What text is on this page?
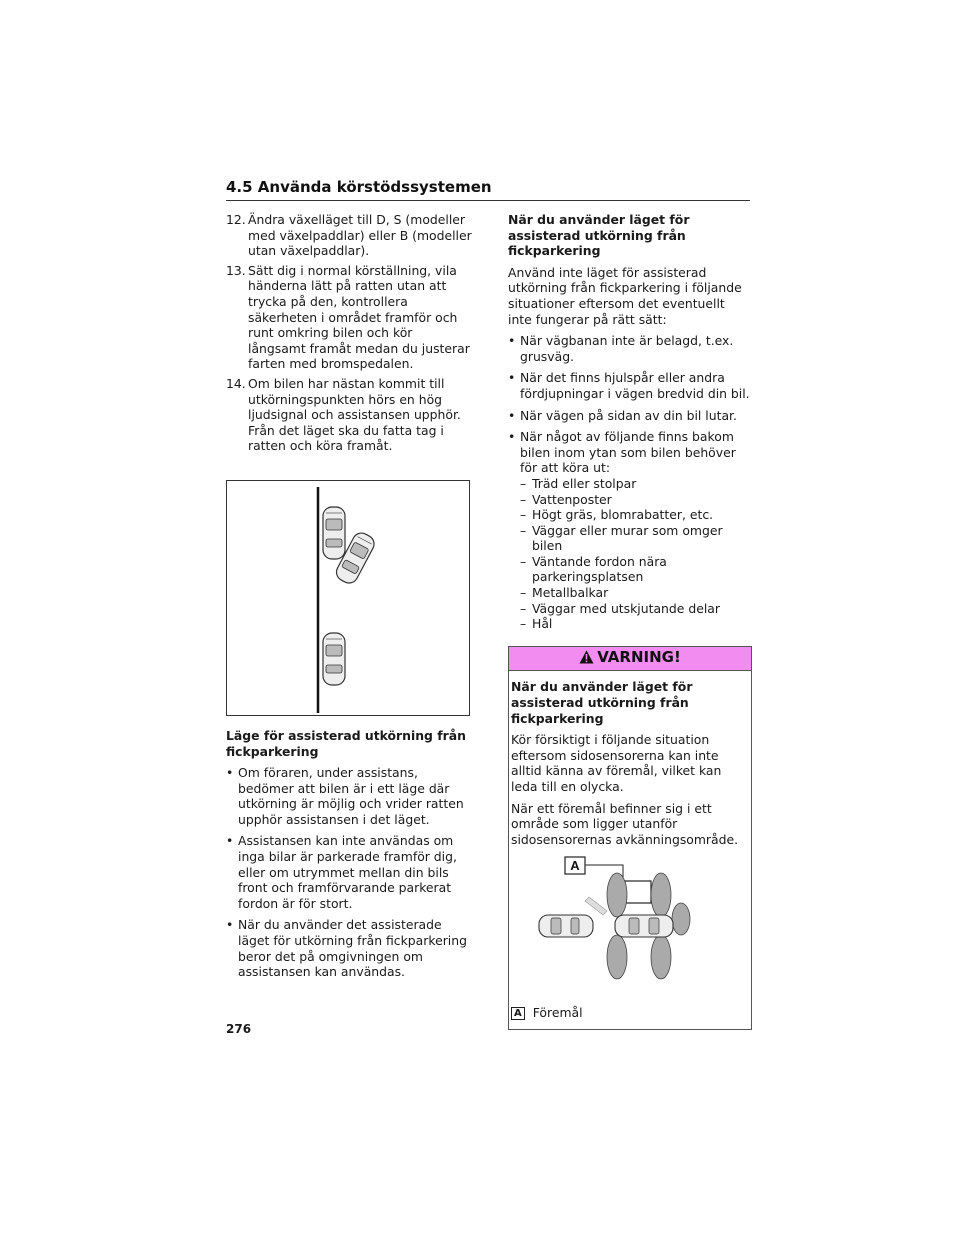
4.5 Använda körstödssystemen
12. Ändra växelläget till D, S (modeller med växelpaddlar) eller B (modeller utan växelpaddlar).
13. Sätt dig i normal körställning, vila händerna lätt på ratten utan att trycka på den, kontrollera säkerheten i området framför och runt omkring bilen och kör långsamt framåt medan du justerar farten med bromspedalen.
14. Om bilen har nästan kommit till utkörningspunkten hörs en hög ljudsignal och assistansen upphör. Från det läget ska du fatta tag i ratten och köra framåt.
Läge för assisterad utkörning från fickparkering
• Om föraren, under assistans, bedömer att bilen är i ett läge där utkörning är möjlig och vrider ratten upphör assistansen i det läget.
• Assistansen kan inte användas om inga bilar är parkerade framför dig, eller om utrymmet mellan din bils front och framförvarande parkerat fordon är för stort.
• När du använder det assisterade läget för utkörning från fickparkering beror det på omgivningen om assistansen kan användas.
När du använder läget för assisterad utkörning från fickparkering
Använd inte läget för assisterad utkörning från fickparkering i följande situationer eftersom det eventuellt inte fungerar på rätt sätt:
• När vägbanan inte är belagd, t.ex. grusväg.
• När det finns hjulspår eller andra fördjupningar i vägen bredvid din bil.
• När vägen på sidan av din bil lutar.
• När något av följande finns bakom bilen inom ytan som bilen behöver för att köra ut:
– Träd eller stolpar
– Vattenposter
– Högt gräs, blomrabatter, etc.
– Väggar eller murar som omger bilen
– Väntande fordon nära parkeringsplatsen
– Metallbalkar
– Väggar med utskjutande delar
– Hål
VARNING!
När du använder läget för assisterad utkörning från fickparkering
Kör försiktigt i följande situation eftersom sidosensorerna kan inte alltid känna av föremål, vilket kan leda till en olycka.
När ett föremål befinner sig i ett område som ligger utanför sidosensorernas avkänningsområde.
A
A Föremål
276
